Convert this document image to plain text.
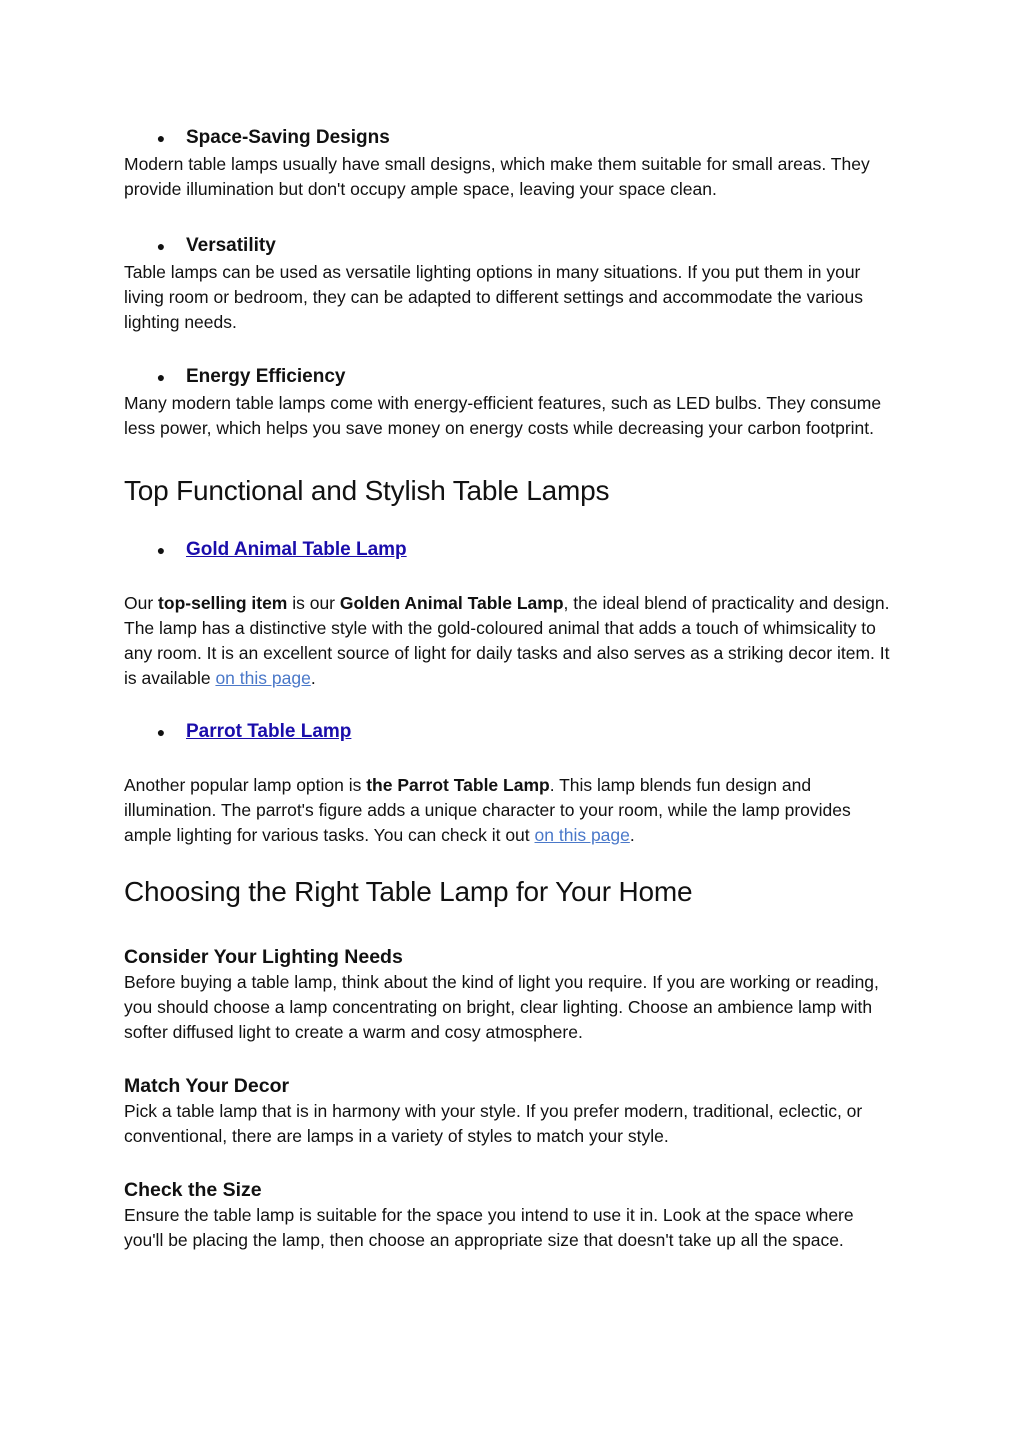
●	Space-Saving Designs

Modern table lamps usually have small designs, which make them suitable for small areas. They provide illumination but don't occupy ample space, leaving your space clean.

●	Versatility

Table lamps can be used as versatile lighting options in many situations. If you put them in your living room or bedroom, they can be adapted to different settings and accommodate the various lighting needs.

●	Energy Efficiency

Many modern table lamps come with energy-efficient features, such as LED bulbs. They consume less power, which helps you save money on energy costs while decreasing your carbon footprint.

Top Functional and Stylish Table Lamps
●	Gold Animal Table Lamp

Our top-selling item is our Golden Animal Table Lamp, the ideal blend of practicality and design. The lamp has a distinctive style with the gold-coloured animal that adds a touch of whimsicality to any room. It is an excellent source of light for daily tasks and also serves as a striking decor item. It is available on this page.

●	Parrot Table Lamp

Another popular lamp option is the Parrot Table Lamp. This lamp blends fun design and illumination. The parrot's figure adds a unique character to your room, while the lamp provides ample lighting for various tasks. You can check it out on this page.

Choosing the Right Table Lamp for Your Home
Consider Your Lighting Needs

Before buying a table lamp, think about the kind of light you require. If you are working or reading, you should choose a lamp concentrating on bright, clear lighting. Choose an ambience lamp with softer diffused light to create a warm and cosy atmosphere.

Match Your Decor

Pick a table lamp that is in harmony with your style. If you prefer modern, traditional, eclectic, or conventional, there are lamps in a variety of styles to match your style.

Check the Size

Ensure the table lamp is suitable for the space you intend to use it in. Look at the space where you'll be placing the lamp, then choose an appropriate size that doesn't take up all the space.
